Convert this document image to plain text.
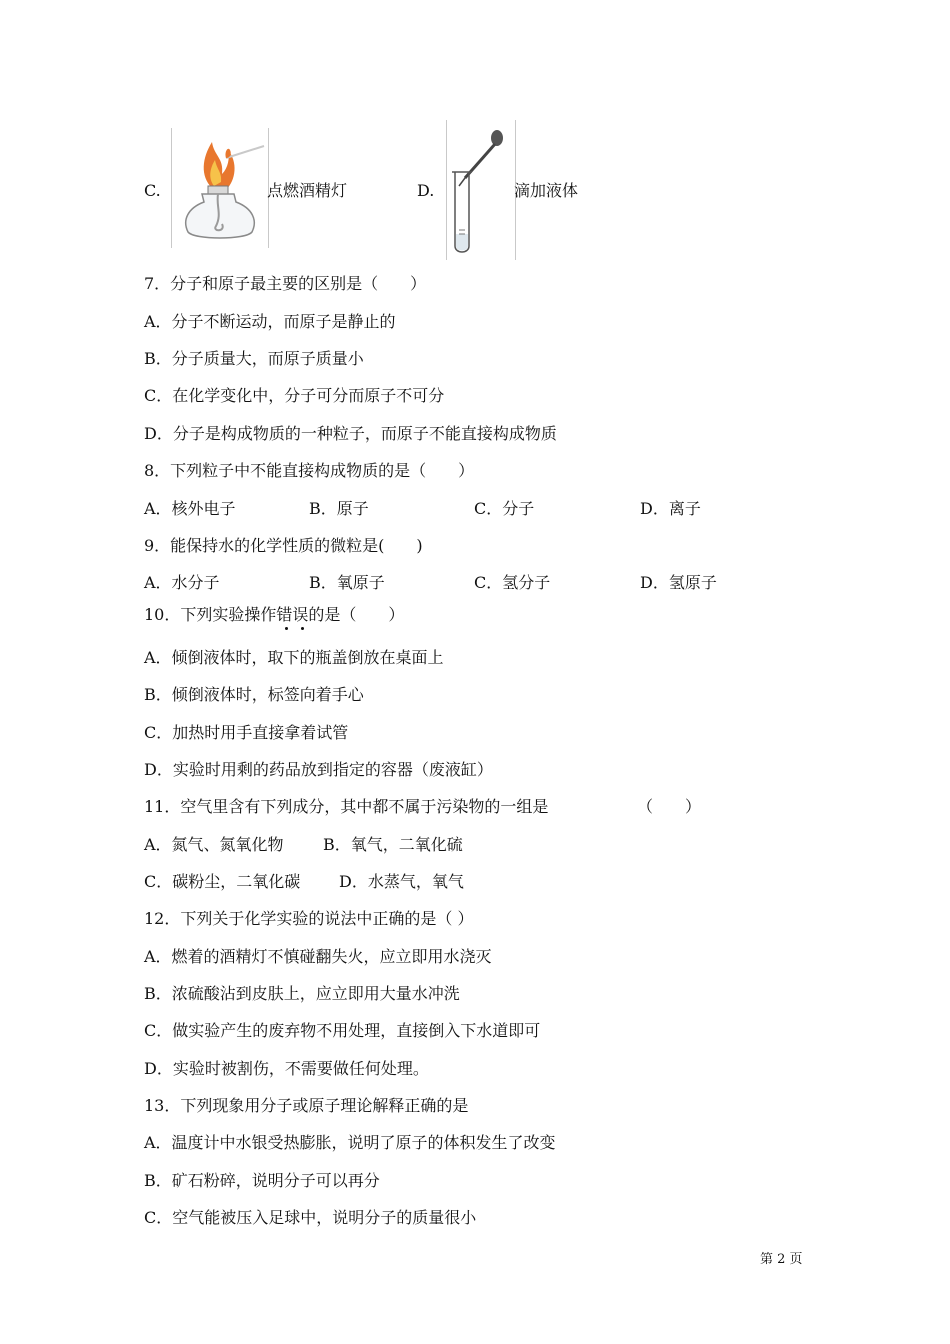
C.	点燃酒精灯	D.	滴加液体
7．分子和原子最主要的区别是（　　）
A．分子不断运动，而原子是静止的
B．分子质量大，而原子质量小
C．在化学变化中，分子可分而原子不可分
D．分子是构成物质的一种粒子，而原子不能直接构成物质
8．下列粒子中不能直接构成物质的是（　　）
A．核外电子	B．原子	C．分子	D．离子
9．能保持水的化学性质的微粒是(　　)
A．水分子	B．氧原子	C．氢分子	D．氢原子
10．下列实验操作错误的是（　　）
A．倾倒液体时，取下的瓶盖倒放在桌面上
B．倾倒液体时，标签向着手心
C．加热时用手直接拿着试管
D．实验时用剩的药品放到指定的容器（废液缸）
11．空气里含有下列成分，其中都不属于污染物的一组是	（　　）
A．氮气、氮氧化物 B．氧气，二氧化硫
C．碳粉尘，二氧化碳 D．水蒸气，氧气
12．下列关于化学实验的说法中正确的是（ ）
A．燃着的酒精灯不慎碰翻失火，应立即用水浇灭
B．浓硫酸沾到皮肤上，应立即用大量水冲洗
C．做实验产生的废弃物不用处理，直接倒入下水道即可
D．实验时被割伤，不需要做任何处理。
13．下列现象用分子或原子理论解释正确的是
A．温度计中水银受热膨胀，说明了原子的体积发生了改变
B．矿石粉碎，说明分子可以再分
C．空气能被压入足球中，说明分子的质量很小
第 2 页
